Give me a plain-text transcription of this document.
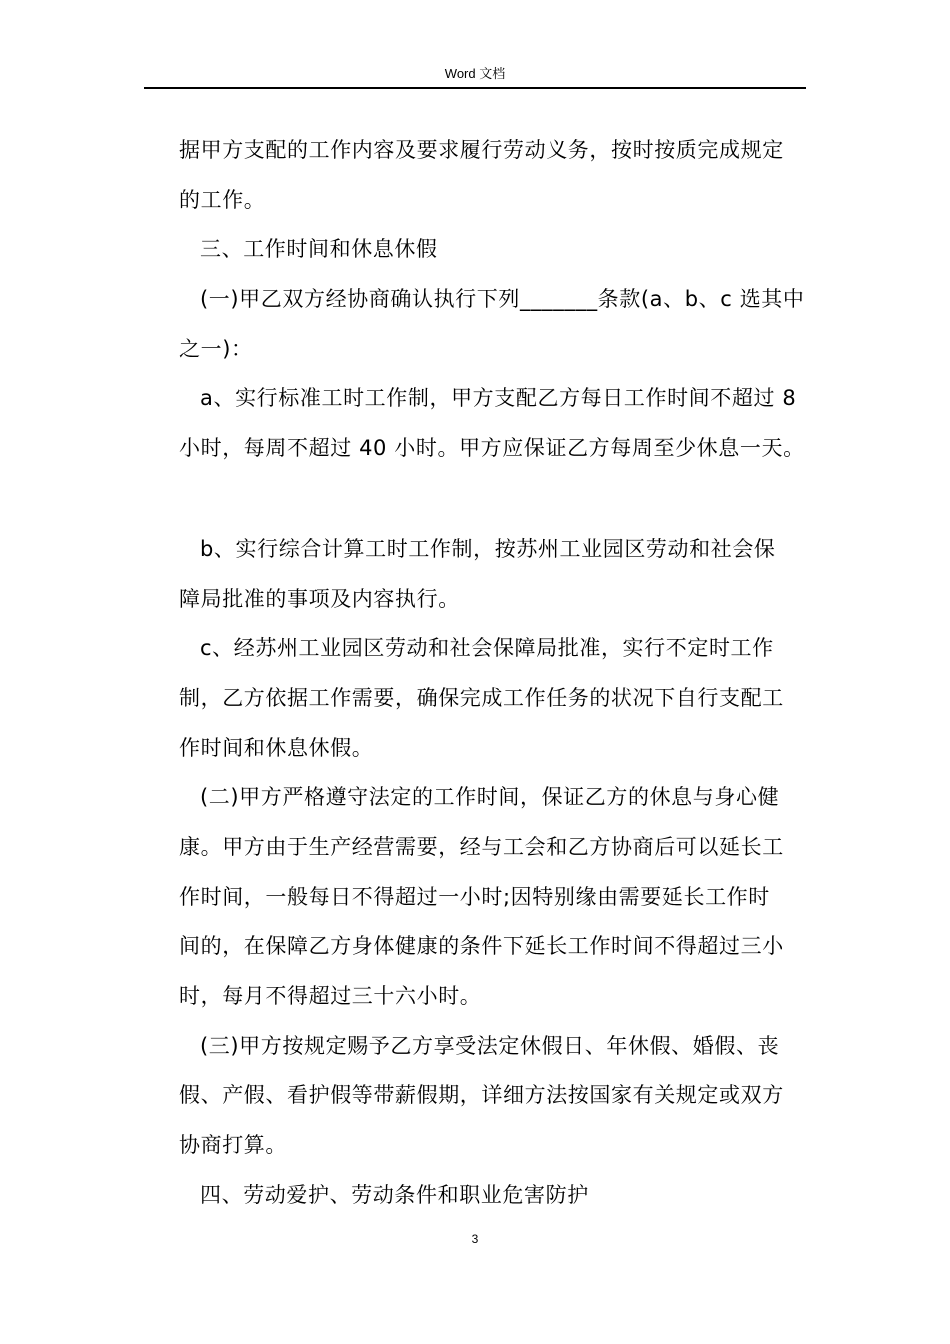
Word 文档
据甲方支配的工作内容及要求履行劳动义务，按时按质完成规定
的工作。
三、工作时间和休息休假
(一)甲乙双方经协商确认执行下列_______条款(a、b、c 选其中
之一)：
a、实行标准工时工作制，甲方支配乙方每日工作时间不超过 8
小时，每周不超过 40 小时。甲方应保证乙方每周至少休息一天。
b、实行综合计算工时工作制，按苏州工业园区劳动和社会保
障局批准的事项及内容执行。
c、经苏州工业园区劳动和社会保障局批准，实行不定时工作
制，乙方依据工作需要，确保完成工作任务的状况下自行支配工
作时间和休息休假。
(二)甲方严格遵守法定的工作时间，保证乙方的休息与身心健
康。甲方由于生产经营需要，经与工会和乙方协商后可以延长工
作时间，一般每日不得超过一小时;因特别缘由需要延长工作时
间的，在保障乙方身体健康的条件下延长工作时间不得超过三小
时，每月不得超过三十六小时。
(三)甲方按规定赐予乙方享受法定休假日、年休假、婚假、丧
假、产假、看护假等带薪假期，详细方法按国家有关规定或双方
协商打算。
四、劳动爱护、劳动条件和职业危害防护
3
